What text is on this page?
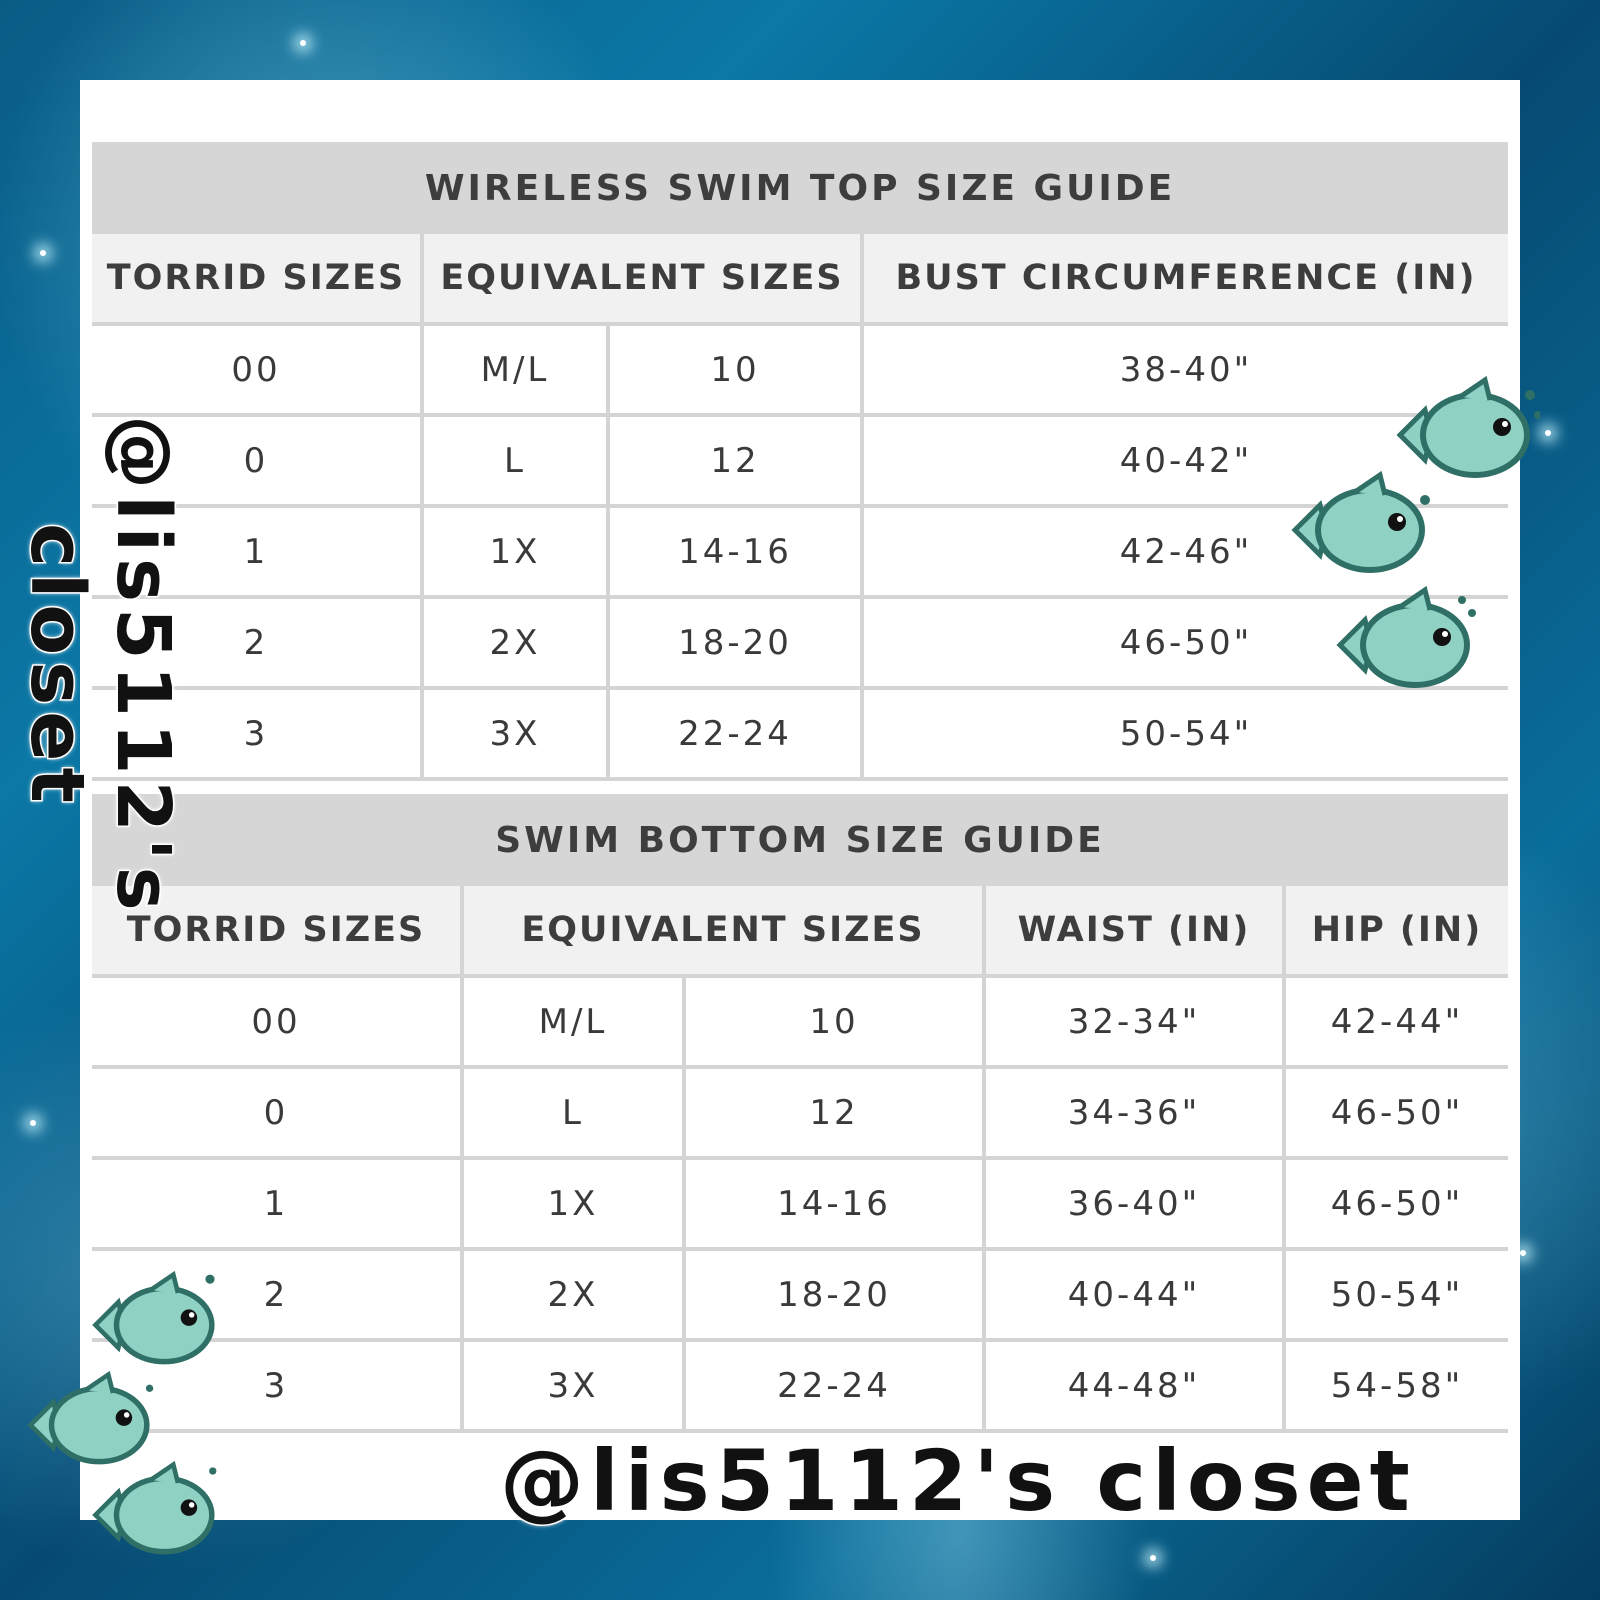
WIRELESS SWIM TOP SIZE GUIDE			
TORRID SIZES	EQUIVALENT SIZES		BUST CIRCUMFERENCE (IN)
00	M/L	10	38-40"
0	L	12	40-42"
1	1X	14-16	42-46"
2	2X	18-20	46-50"
3	3X	22-24	50-54"
SWIM BOTTOM SIZE GUIDE				
TORRID SIZES	EQUIVALENT SIZES		WAIST (IN)	HIP (IN)
00	M/L	10	32-34"	42-44"
0	L	12	34-36"	46-50"
1	1X	14-16	36-40"	46-50"
2	2X	18-20	40-44"	50-54"
3	3X	22-24	44-48"	54-58"
@lis5112's closet
@lis5112's closet
